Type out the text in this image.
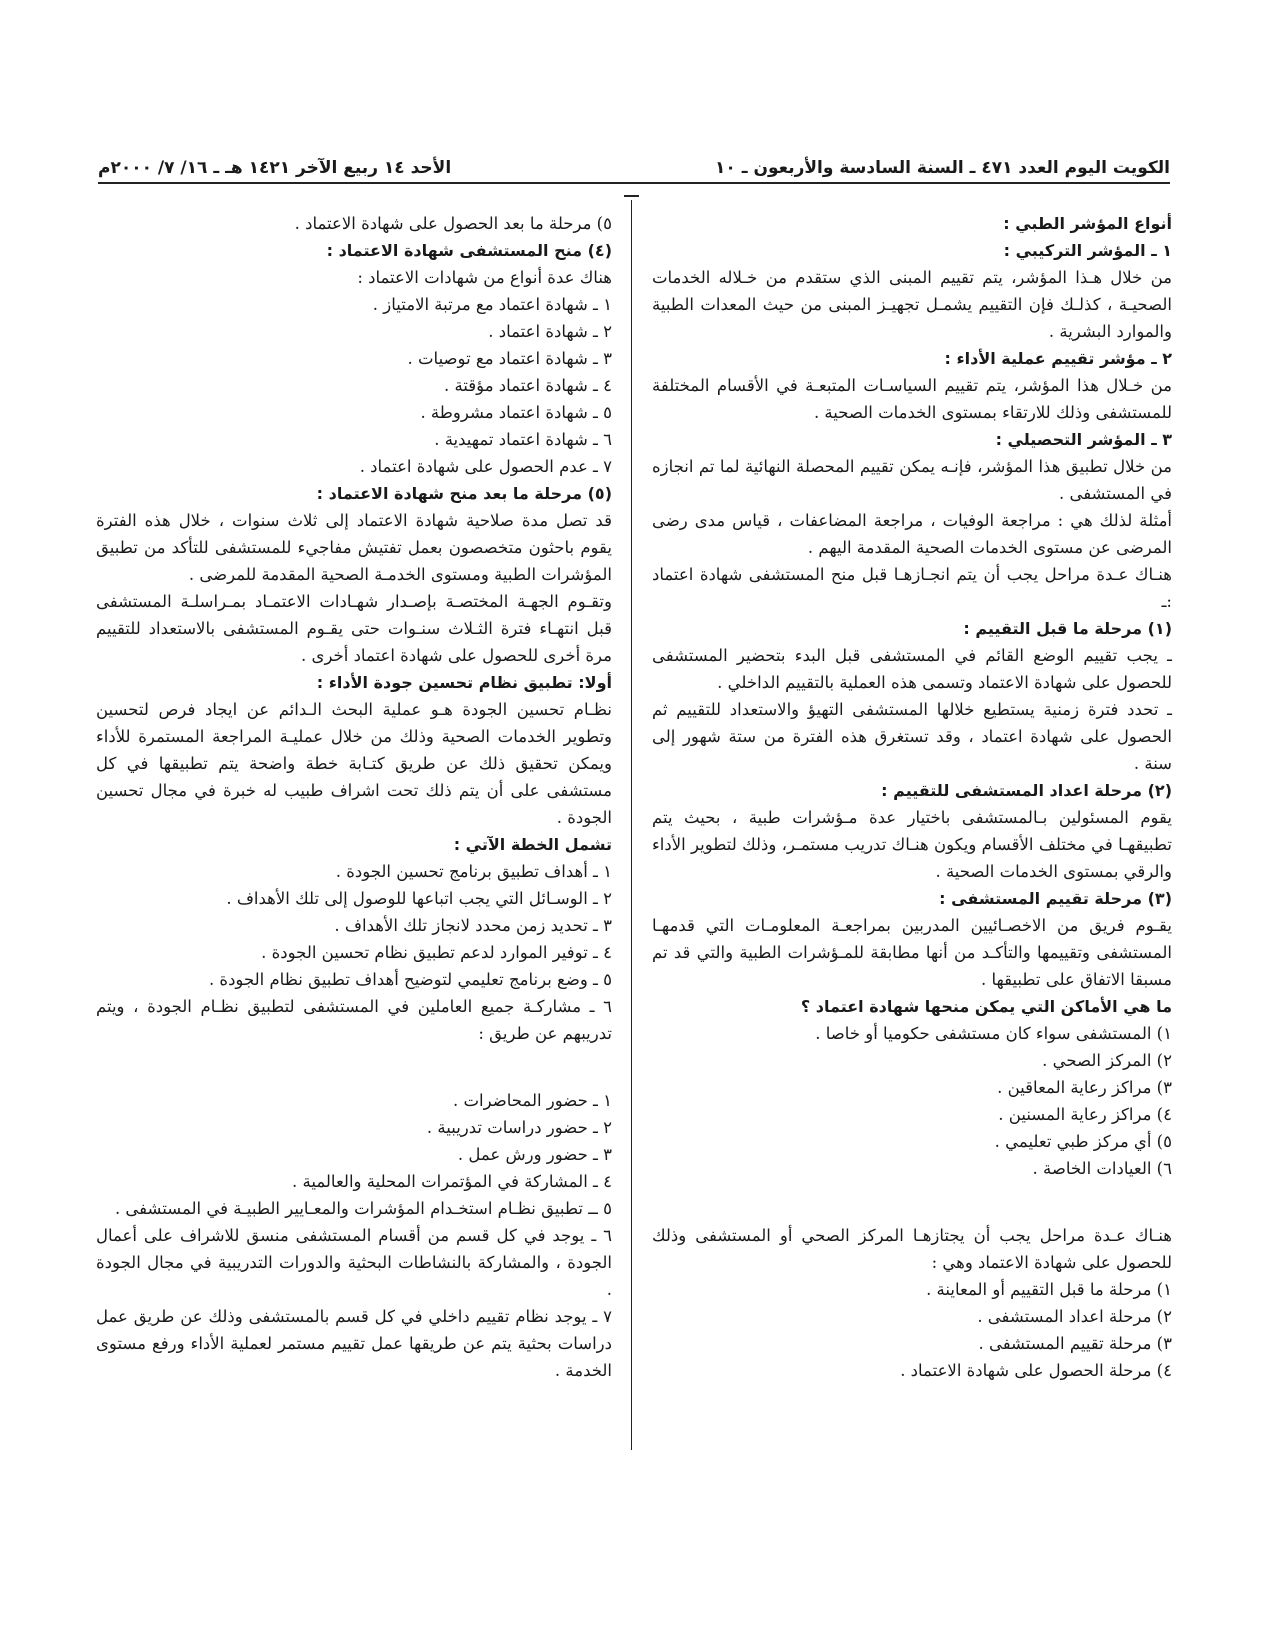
الكويت اليوم العدد ٤٧١ ـ السنة السادسة والأربعون ـ ١٠
الأحد ١٤ ربيع الآخر ١٤٢١ هـ ـ ١٦/ ٧/ ٢٠٠٠م

أنواع المؤشر الطبي :

١ ـ المؤشر التركيبي :

من خلال هـذا المؤشر، يتم تقييم المبنى الذي ستقدم من خـلاله الخدمات الصحيـة ، كذلـك فإن التقييم يشمـل تجهيـز المبنى من حيث المعدات الطبية والموارد البشرية .

٢ ـ مؤشر تقييم عملية الأداء :

من خـلال هذا المؤشر، يتم تقييم السياسـات المتبعـة في الأقسام المختلفة للمستشفى وذلك للارتقاء بمستوى الخدمات الصحية .

٣ ـ المؤشر التحصيلي :

من خلال تطبيق هذا المؤشر، فإنـه يمكن تقييم المحصلة النهائية لما تم انجازه في المستشفى .

أمثلة لذلك هي : مراجعة الوفيات ، مراجعة المضاعفات ، قياس مدى رضى المرضى عن مستوى الخدمات الصحية المقدمة اليهم .

هنـاك عـدة مراحل يجب أن يتم انجـازهـا قبل منح المستشفى شهادة اعتماد :ـ

(١) مرحلة ما قبل التقييم :

ـ يجب تقييم الوضع القائم في المستشفى قبل البدء بتحضير المستشفى للحصول على شهادة الاعتماد وتسمى هذه العملية بالتقييم الداخلي .

ـ تحدد فترة زمنية يستطيع خلالها المستشفى التهيؤ والاستعداد للتقييم ثم الحصول على شهادة اعتماد ، وقد تستغرق هذه الفترة من ستة شهور إلى سنة .

(٢) مرحلة اعداد المستشفى للتقييم :

يقوم المسئولين بـالمستشفى باختيار عدة مـؤشرات طبية ، بحيث يتم تطبيقهـا في مختلف الأقسام ويكون هنـاك تدريب مستمـر، وذلك لتطوير الأداء والرقي بمستوى الخدمات الصحية .

(٣) مرحلة تقييم المستشفى :

يقـوم فريق من الاخصـائيين المدربين بمراجعـة المعلومـات التي قدمهـا المستشفى وتقييمها والتأكـد من أنها مطابقة للمـؤشرات الطبية والتي قد تم مسبقا الاتفاق على تطبيقها .

ما هي الأماكن التي يمكن منحها شهادة اعتماد ؟

١) المستشفى سواء كان مستشفى حكوميا أو خاصا .

٢) المركز الصحي .

٣) مراكز رعاية المعاقين .

٤) مراكز رعاية المسنين .

٥) أي مركز طبي تعليمي .

٦) العيادات الخاصة .

هنـاك عـدة مراحل يجب أن يجتازهـا المركز الصحي أو المستشفى وذلك للحصول على شهادة الاعتماد وهي :

١) مرحلة ما قبل التقييم أو المعاينة .

٢) مرحلة اعداد المستشفى .

٣) مرحلة تقييم المستشفى .

٤) مرحلة الحصول على شهادة الاعتماد .

٥) مرحلة ما بعد الحصول على شهادة الاعتماد .

(٤) منح المستشفى شهادة الاعتماد :

هناك عدة أنواع من شهادات الاعتماد :

١ ـ شهادة اعتماد مع مرتبة الامتياز .

٢ ـ شهادة اعتماد .

٣ ـ شهادة اعتماد مع توصيات .

٤ ـ شهادة اعتماد مؤقتة .

٥ ـ شهادة اعتماد مشروطة .

٦ ـ شهادة اعتماد تمهيدية .

٧ ـ عدم الحصول على شهادة اعتماد .

(٥) مرحلة ما بعد منح شهادة الاعتماد :

قد تصل مدة صلاحية شهادة الاعتماد إلى ثلاث سنوات ، خلال هذه الفترة يقوم باحثون متخصصون بعمل تفتيش مفاجيء للمستشفى للتأكد من تطبيق المؤشرات الطبية ومستوى الخدمـة الصحية المقدمة للمرضى .

وتقـوم الجهـة المختصـة بإصـدار شهـادات الاعتمـاد بمـراسلـة المستشفى قبل انتهـاء فترة الثـلاث سنـوات حتى يقـوم المستشفى بالاستعداد للتقييم مرة أخرى للحصول على شهادة اعتماد أخرى .

أولا: تطبيق نظام تحسين جودة الأداء :

نظـام تحسين الجودة هـو عملية البحث الـدائم عن ايجاد فرص لتحسين وتطوير الخدمات الصحية وذلك من خلال عمليـة المراجعة المستمرة للأداء ويمكن تحقيق ذلك عن طريق كتـابة خطة واضحة يتم تطبيقها في كل مستشفى على أن يتم ذلك تحت اشراف طبيب له خبرة في مجال تحسين الجودة .

تشمل الخطة الآتي :

١ ـ أهداف تطبيق برنامج تحسين الجودة .

٢ ـ الوسـائل التي يجب اتباعها للوصول إلى تلك الأهداف .

٣ ـ تحديد زمن محدد لانجاز تلك الأهداف .

٤ ـ توفير الموارد لدعم تطبيق نظام تحسين الجودة .

٥ ـ وضع برنامج تعليمي لتوضيح أهداف تطبيق نظام الجودة .

٦ ـ مشاركـة جميع العاملين في المستشفى لتطبيق نظـام الجودة ، ويتم تدريبهم عن طريق :

١ ـ حضور المحاضرات .

٢ ـ حضور دراسات تدريبية .

٣ ـ حضور ورش عمل .

٤ ـ المشاركة في المؤتمرات المحلية والعالمية .

٥ ــ تطبيق نظـام استخـدام المؤشرات والمعـايير الطبيـة في المستشفى .

٦ ـ يوجد في كل قسم من أقسام المستشفى منسق للاشراف على أعمال الجودة ، والمشاركة بالنشاطات البحثية والدورات التدريبية في مجال الجودة .

٧ ـ يوجد نظام تقييم داخلي في كل قسم بالمستشفى وذلك عن طريق عمل دراسات بحثية يتم عن طريقها عمل تقييم مستمر لعملية الأداء ورفع مستوى الخدمة .
